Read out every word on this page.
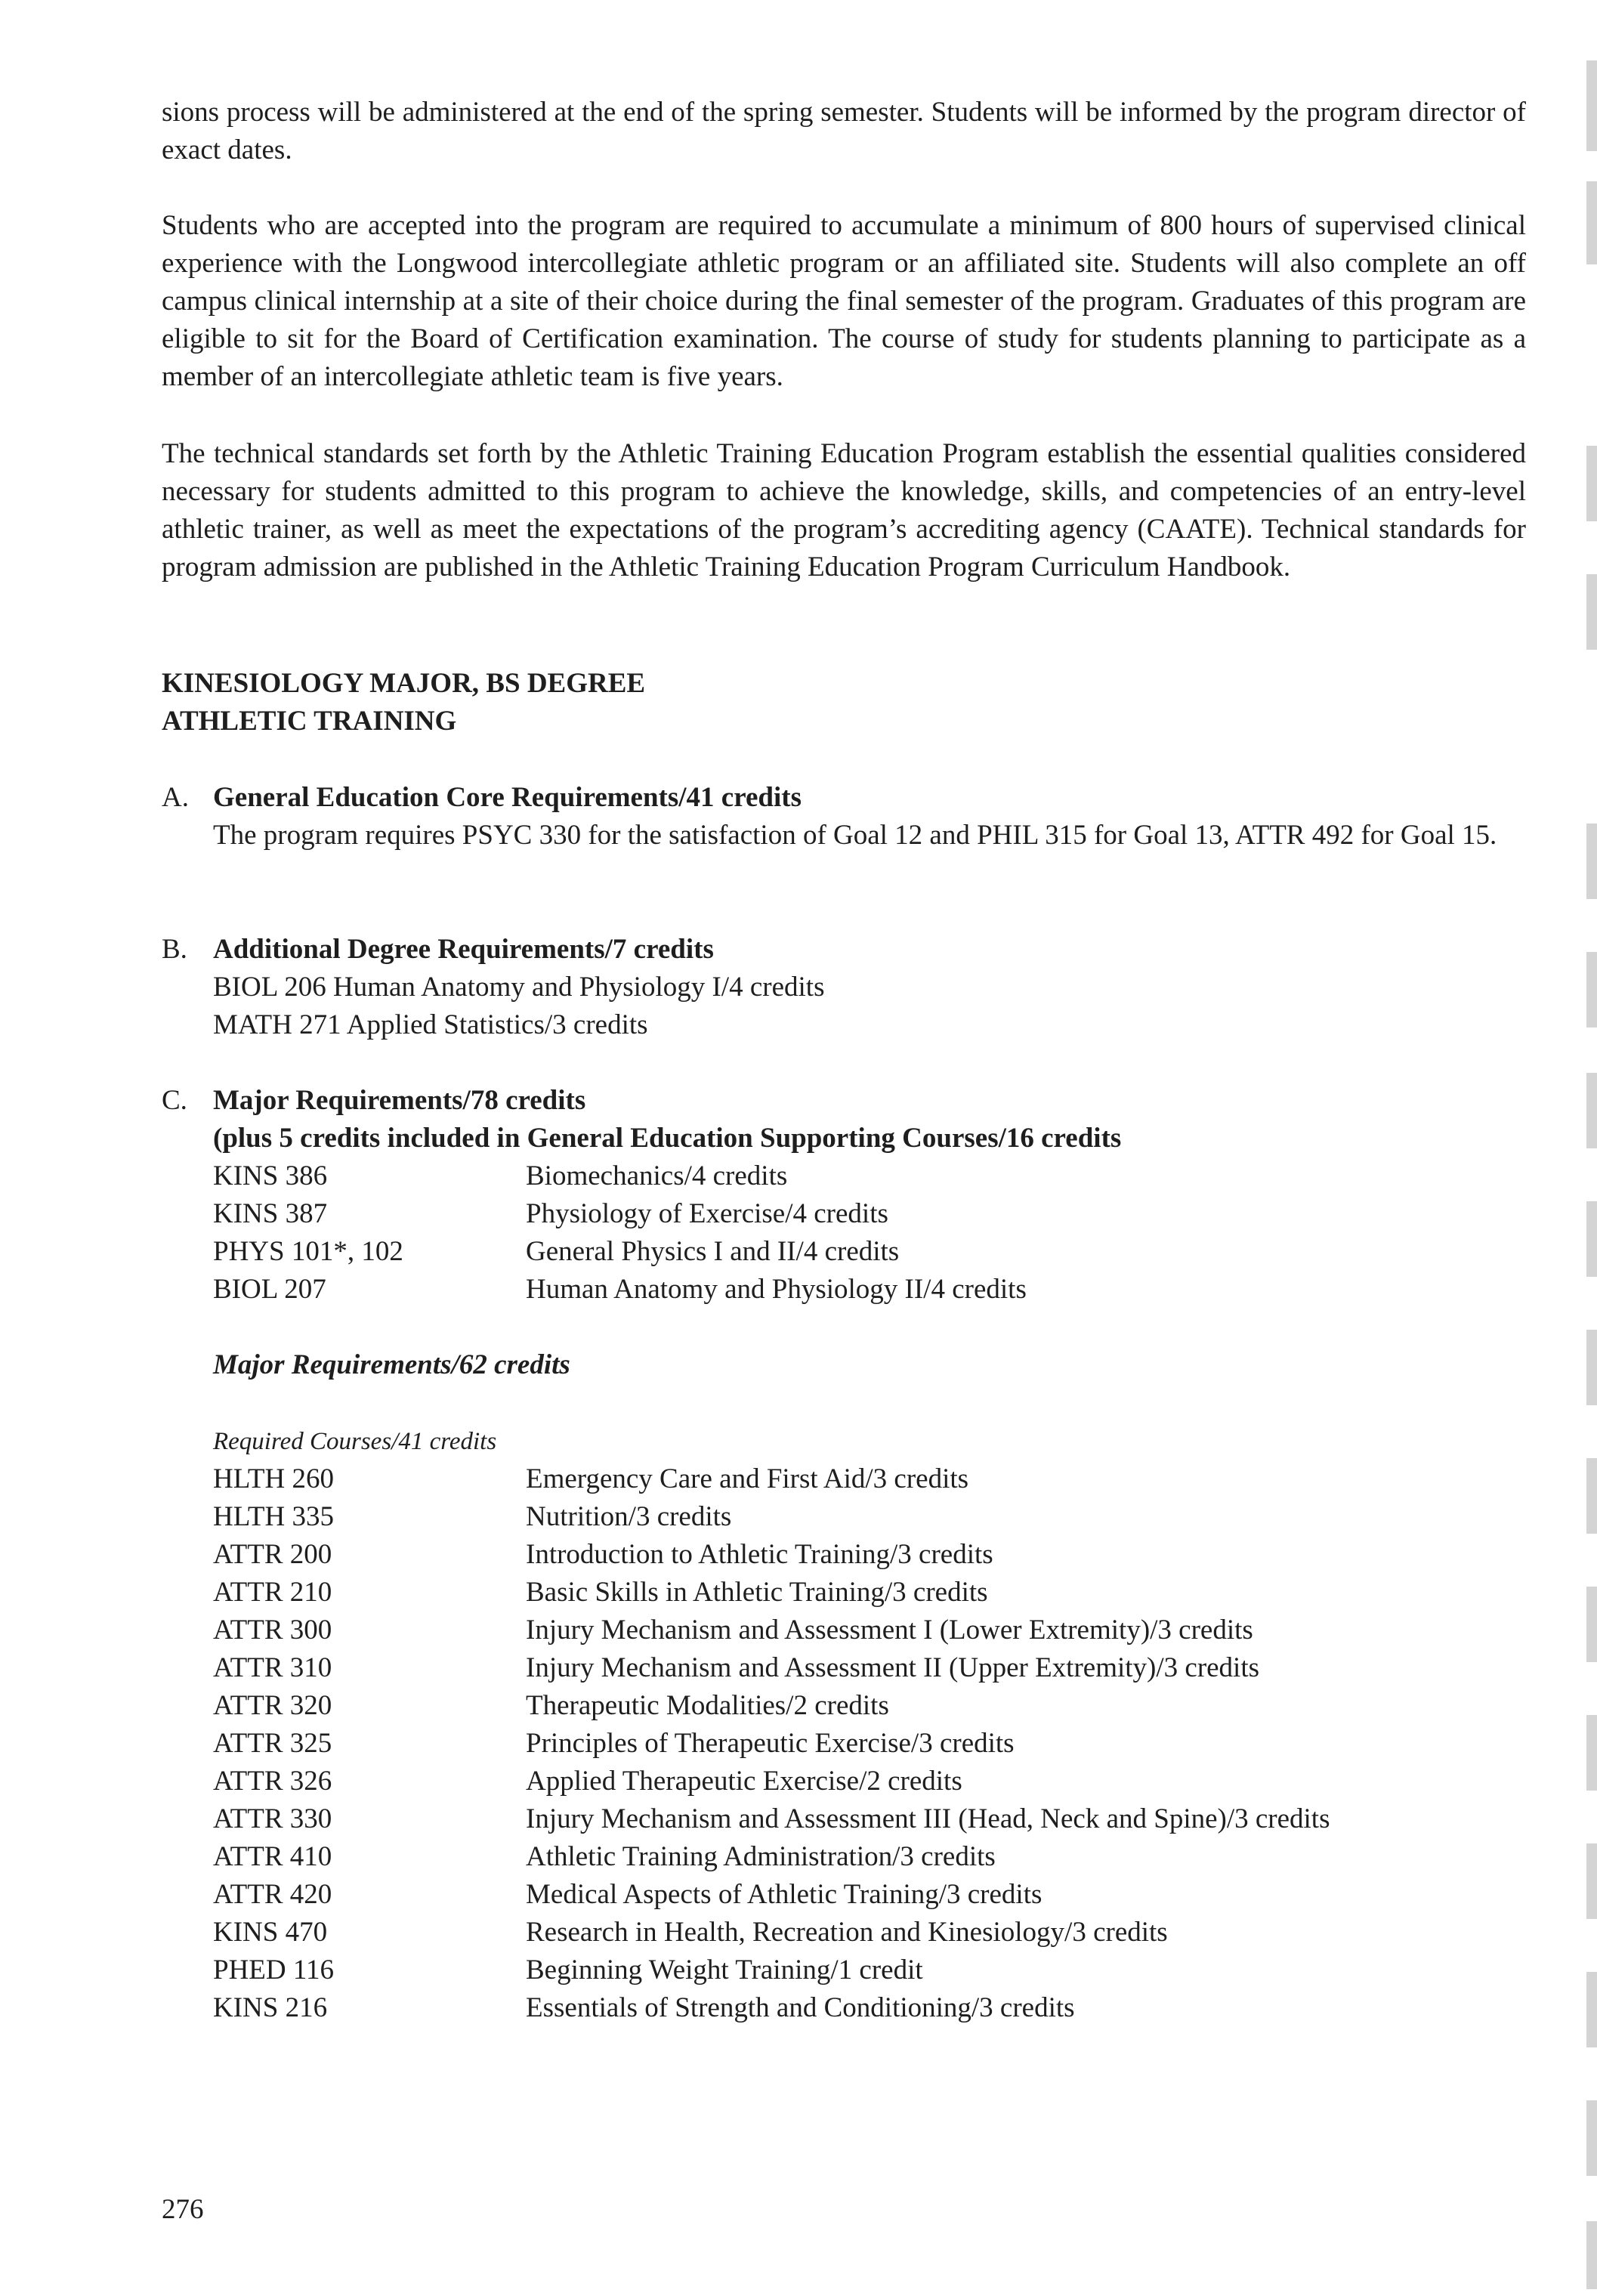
sions process will be administered at the end of the spring semester. Students will be informed by the program director of exact dates.

Students who are accepted into the program are required to accumulate a minimum of 800 hours of supervised clinical experience with the Longwood intercollegiate athletic program or an affiliated site. Students will also complete an off campus clinical internship at a site of their choice during the final semester of the program. Graduates of this program are eligible to sit for the Board of Certification examination. The course of study for students planning to participate as a member of an intercollegiate athletic team is five years.

The technical standards set forth by the Athletic Training Education Program establish the essential qualities considered necessary for students admitted to this program to achieve the knowledge, skills, and competencies of an entry-level athletic trainer, as well as meet the expectations of the program’s accrediting agency (CAATE). Technical standards for program admission are published in the Athletic Training Education Program Curriculum Handbook.

KINESIOLOGY MAJOR, BS DEGREE
ATHLETIC TRAINING
A. General Education Core Requirements/41 credits

The program requires PSYC 330 for the satisfaction of Goal 12 and PHIL 315 for Goal 13, ATTR 492 for Goal 15.

B. Additional Degree Requirements/7 credits
BIOL 206 Human Anatomy and Physiology I/4 credits
MATH 271 Applied Statistics/3 credits
C. Major Requirements/78 credits
(plus 5 credits included in General Education Supporting Courses/16 credits
KINS 386	Biomechanics/4 credits
KINS 387	Physiology of Exercise/4 credits
PHYS 101*, 102	General Physics I and II/4 credits
BIOL 207	Human Anatomy and Physiology II/4 credits
Major Requirements/62 credits
Required Courses/41 credits
HLTH 260	Emergency Care and First Aid/3 credits
HLTH 335	Nutrition/3 credits
ATTR 200	Introduction to Athletic Training/3 credits
ATTR 210	Basic Skills in Athletic Training/3 credits
ATTR 300	Injury Mechanism and Assessment I (Lower Extremity)/3 credits
ATTR 310	Injury Mechanism and Assessment II (Upper Extremity)/3 credits
ATTR 320	Therapeutic Modalities/2 credits
ATTR 325	Principles of Therapeutic Exercise/3 credits
ATTR 326	Applied Therapeutic Exercise/2 credits
ATTR 330	Injury Mechanism and Assessment III (Head, Neck and Spine)/3 credits
ATTR 410	Athletic Training Administration/3 credits
ATTR 420	Medical Aspects of Athletic Training/3 credits
KINS 470	Research in Health, Recreation and Kinesiology/3 credits
PHED 116	Beginning Weight Training/1 credit
KINS 216	Essentials of Strength and Conditioning/3 credits
276
